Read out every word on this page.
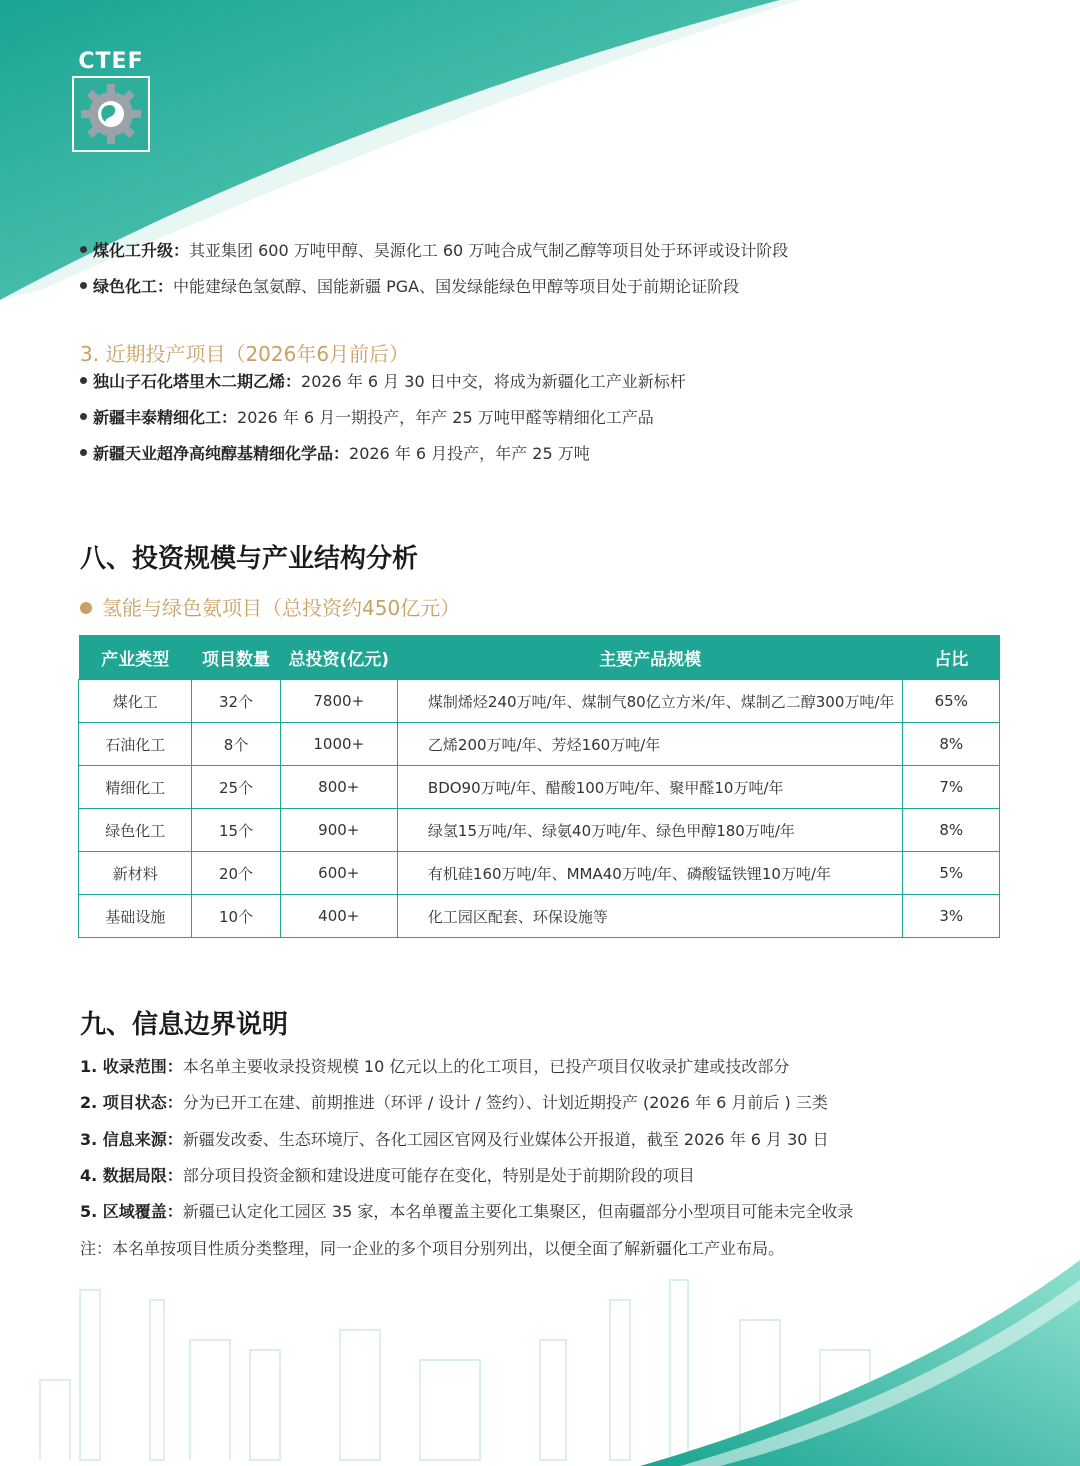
CTEF
煤化工升级：其亚集团 600 万吨甲醇、昊源化工 60 万吨合成气制乙醇等项目处于环评或设计阶段
绿色化工：中能建绿色氢氨醇、国能新疆 PGA、国发绿能绿色甲醇等项目处于前期论证阶段
3. 近期投产项目（2026年6月前后）
独山子石化塔里木二期乙烯：2026 年 6 月 30 日中交，将成为新疆化工产业新标杆
新疆丰泰精细化工：2026 年 6 月一期投产，年产 25 万吨甲醛等精细化工产品
新疆天业超净高纯醇基精细化学品：2026 年 6 月投产，年产 25 万吨
八、投资规模与产业结构分析
氢能与绿色氨项目（总投资约450亿元）
产业类型	项目数量	总投资(亿元)	主要产品规模	占比
煤化工	32个	7800+	煤制烯烃240万吨/年、煤制气80亿立方米/年、煤制乙二醇300万吨/年	65%
石油化工	8个	1000+	乙烯200万吨/年、芳烃160万吨/年	8%
精细化工	25个	800+	BDO90万吨/年、醋酸100万吨/年、聚甲醛10万吨/年	7%
绿色化工	15个	900+	绿氢15万吨/年、绿氨40万吨/年、绿色甲醇180万吨/年	8%
新材料	20个	600+	有机硅160万吨/年、MMA40万吨/年、磷酸锰铁锂10万吨/年	5%
基础设施	10个	400+	化工园区配套、环保设施等	3%
九、信息边界说明
1. 收录范围：本名单主要收录投资规模 10 亿元以上的化工项目，已投产项目仅收录扩建或技改部分
2. 项目状态：分为已开工在建、前期推进（环评 / 设计 / 签约）、计划近期投产 (2026 年 6 月前后 ) 三类
3. 信息来源：新疆发改委、生态环境厅、各化工园区官网及行业媒体公开报道，截至 2026 年 6 月 30 日
4. 数据局限：部分项目投资金额和建设进度可能存在变化，特别是处于前期阶段的项目
5. 区域覆盖：新疆已认定化工园区 35 家，本名单覆盖主要化工集聚区，但南疆部分小型项目可能未完全收录
注：本名单按项目性质分类整理，同一企业的多个项目分别列出，以便全面了解新疆化工产业布局。
